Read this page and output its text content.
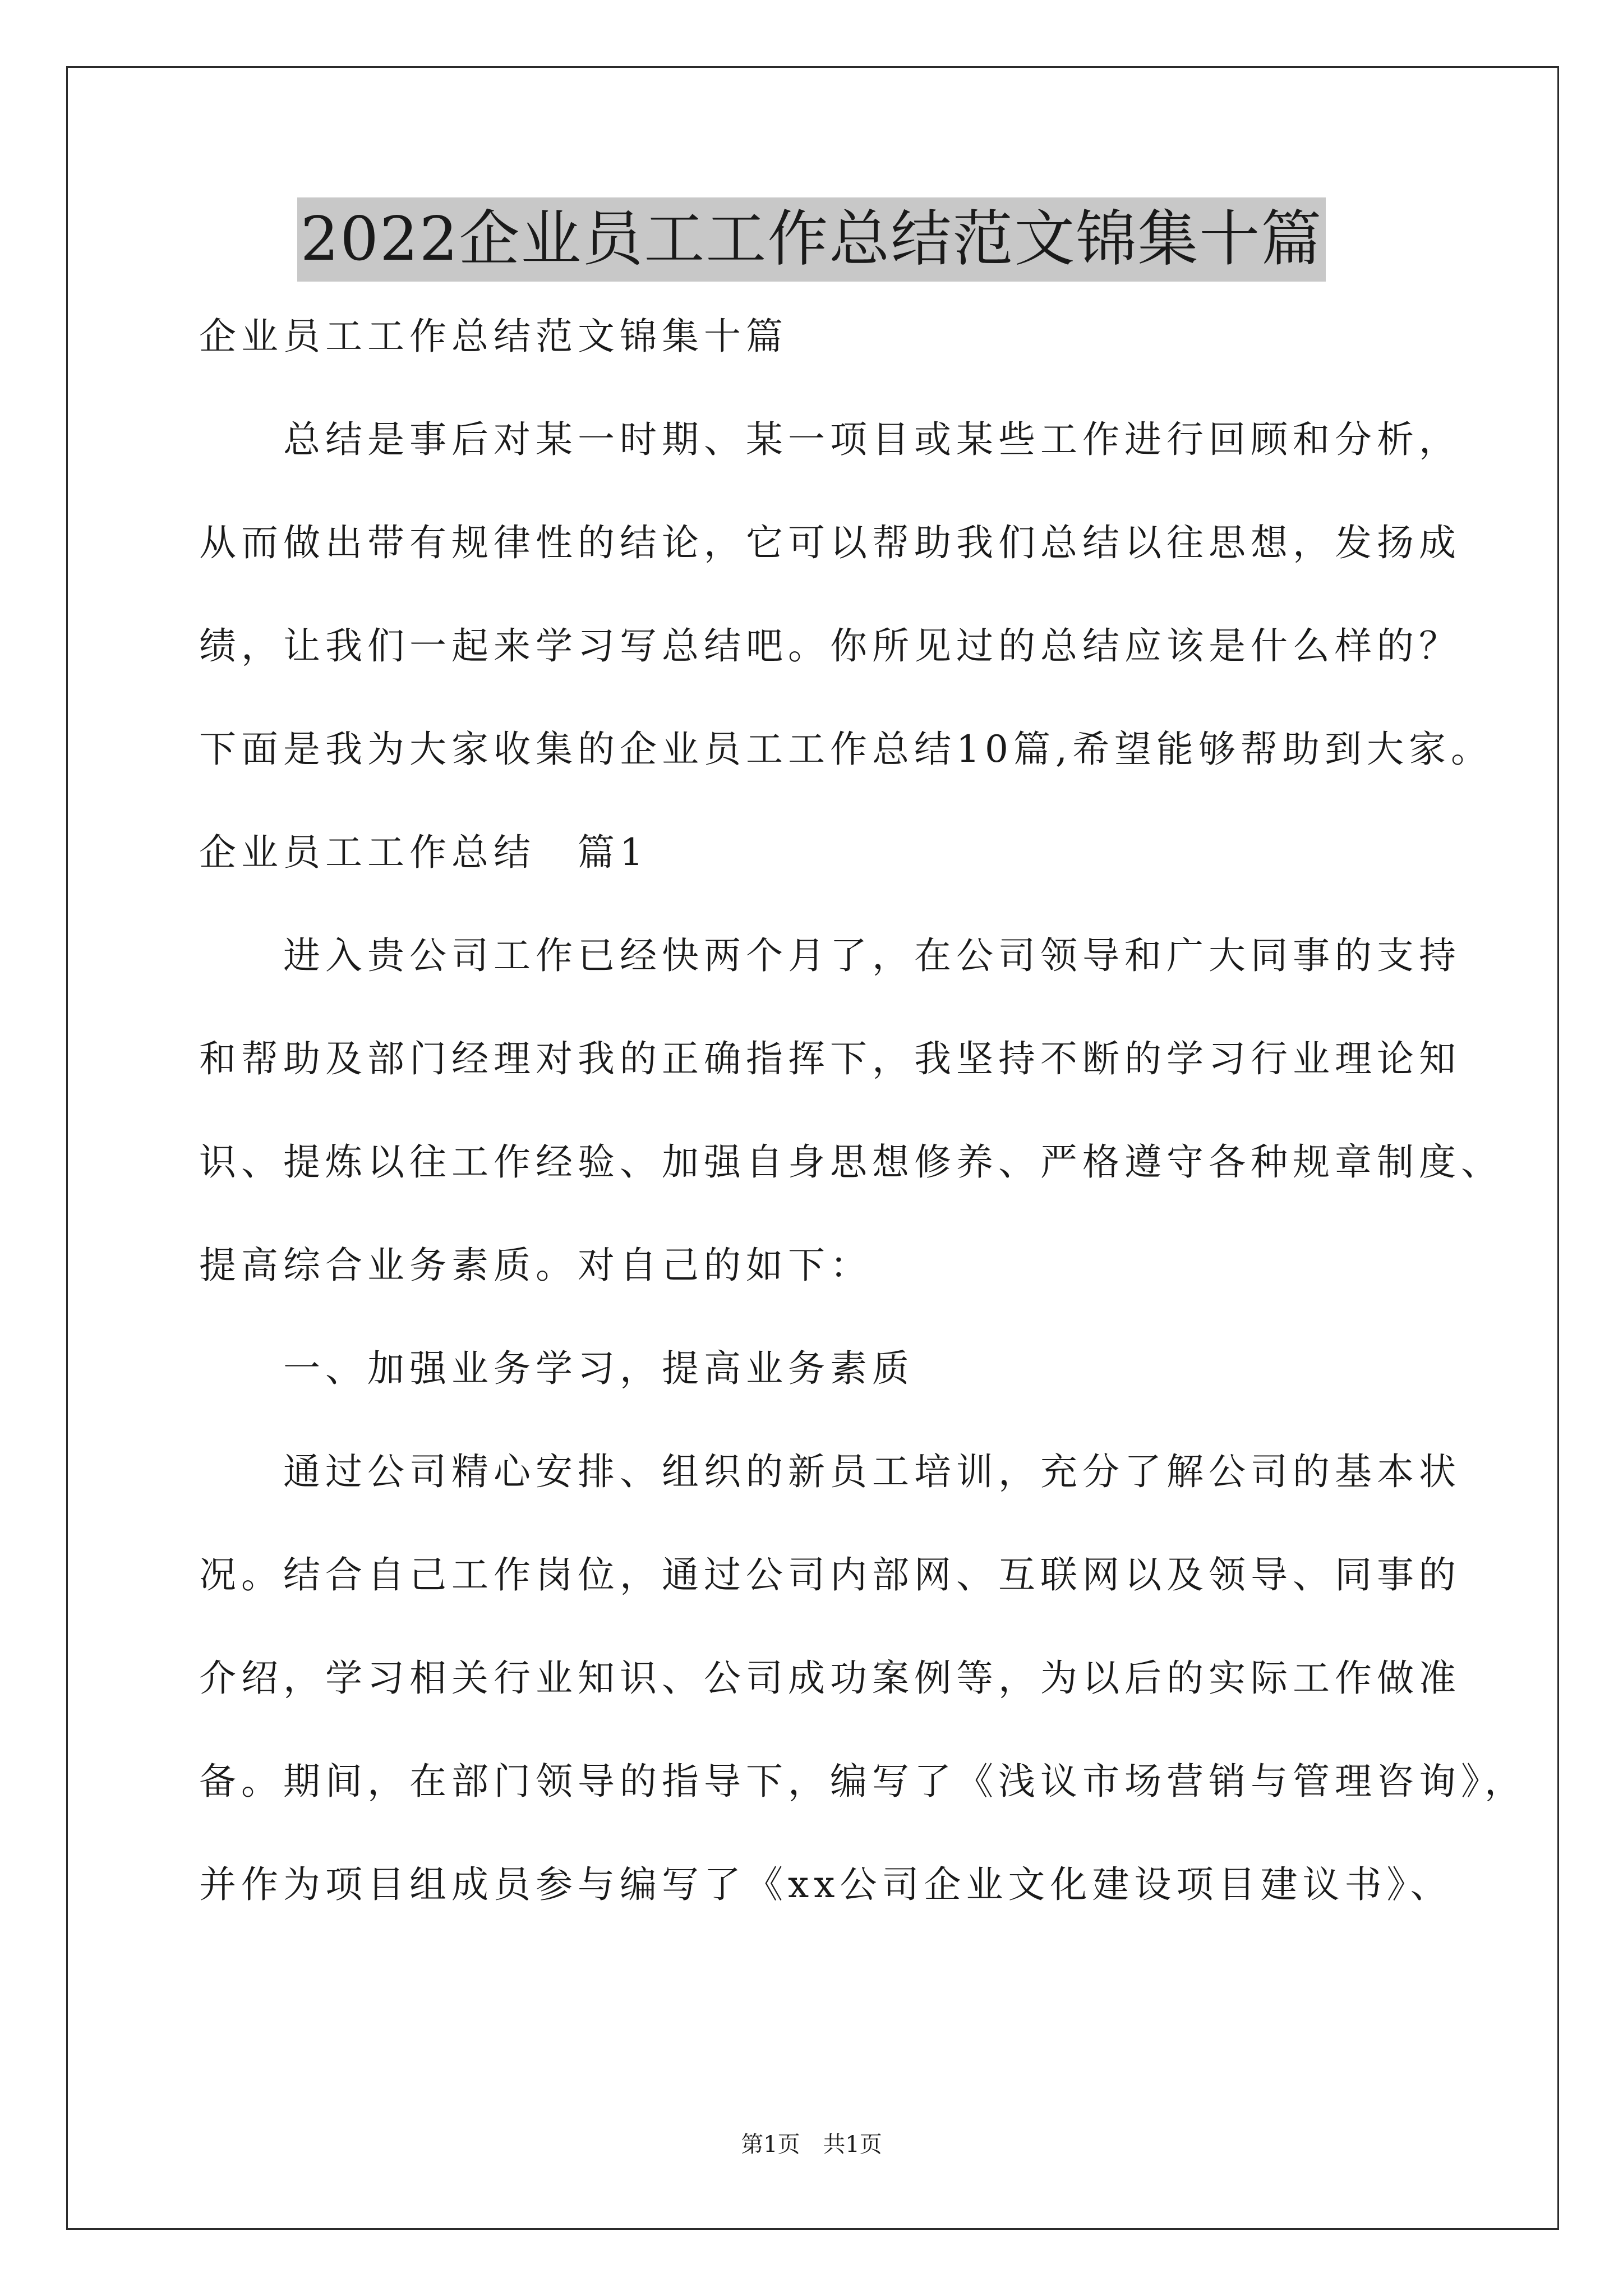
2022企业员工工作总结范文锦集十篇

企业员工工作总结范文锦集十篇

　　总结是事后对某一时期、某一项目或某些工作进行回顾和分析，

从而做出带有规律性的结论，它可以帮助我们总结以往思想，发扬成

绩，让我们一起来学习写总结吧。你所见过的总结应该是什么样的？

下面是我为大家收集的企业员工工作总结10篇,希望能够帮助到大家。

企业员工工作总结　篇1

　　进入贵公司工作已经快两个月了，在公司领导和广大同事的支持

和帮助及部门经理对我的正确指挥下，我坚持不断的学习行业理论知

识、提炼以往工作经验、加强自身思想修养、严格遵守各种规章制度、

提高综合业务素质。对自己的如下：

　　一、加强业务学习，提高业务素质

　　通过公司精心安排、组织的新员工培训，充分了解公司的基本状

况。结合自己工作岗位，通过公司内部网、互联网以及领导、同事的

介绍，学习相关行业知识、公司成功案例等，为以后的实际工作做准

备。期间，在部门领导的指导下，编写了《浅议市场营销与管理咨询》，

并作为项目组成员参与编写了《xx公司企业文化建设项目建议书》、

第1页 共1页
